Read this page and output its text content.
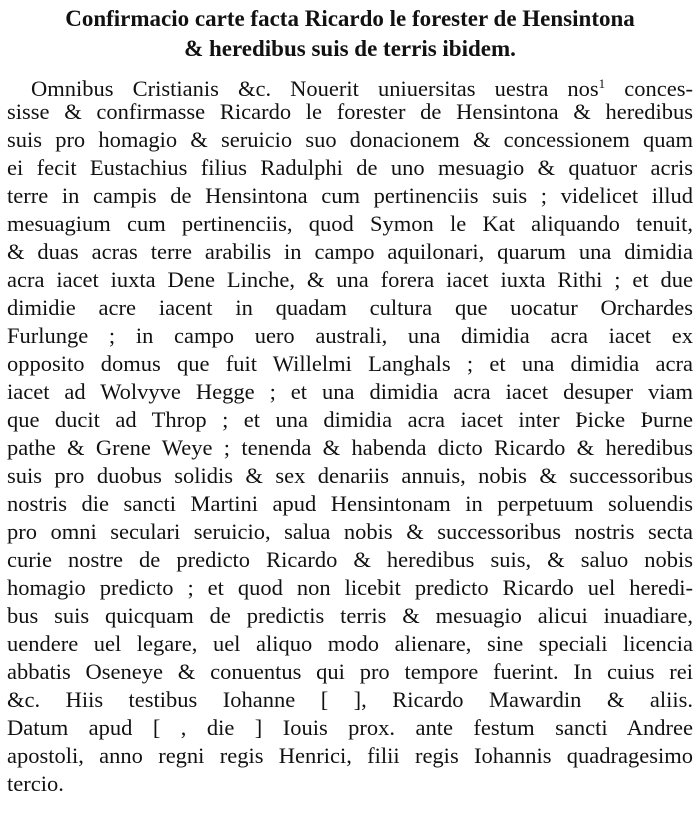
Confirmacio carte facta Ricardo le forester de Hensintona
& heredibus suis de terris ibidem.
Omnibus Cristianis &c. Nouerit uniuersitas uestra nos$^1$ conces-
sisse & confirmasse Ricardo le forester de Hensintona & heredibus
suis pro homagio & seruicio suo donacionem & concessionem quam
ei fecit Eustachius filius Radulphi de uno mesuagio & quatuor acris
terre in campis de Hensintona cum pertinenciis suis ; videlicet illud
mesuagium cum pertinenciis, quod Symon le Kat aliquando tenuit,
& duas acras terre arabilis in campo aquilonari, quarum una dimidia
acra iacet iuxta Dene Linche, & una forera iacet iuxta Rithi ; et due
dimidie acre iacent in quadam cultura que uocatur Orchardes
Furlunge ; in campo uero australi, una dimidia acra iacet ex
opposito domus que fuit Willelmi Langhals ; et una dimidia acra
iacet ad Wolvyve Hegge ; et una dimidia acra iacet desuper viam
que ducit ad Throp ; et una dimidia acra iacet inter Þicke Þurne
pathe & Grene Weye ; tenenda & habenda dicto Ricardo & heredibus
suis pro duobus solidis & sex denariis annuis, nobis & successoribus
nostris die sancti Martini apud Hensintonam in perpetuum soluendis
pro omni seculari seruicio, salua nobis & successoribus nostris secta
curie nostre de predicto Ricardo & heredibus suis, & saluo nobis
homagio predicto ; et quod non licebit predicto Ricardo uel heredi-
bus suis quicquam de predictis terris & mesuagio alicui inuadiare,
uendere uel legare, uel aliquo modo alienare, sine speciali licencia
abbatis Oseneye & conuentus qui pro tempore fuerint. In cuius rei
&c. Hiis testibus Iohanne [ ], Ricardo Mawardin & aliis.
Datum apud [ , die ] Iouis prox. ante festum sancti Andree
apostoli, anno regni regis Henrici, filii regis Iohannis quadragesimo
tercio.
